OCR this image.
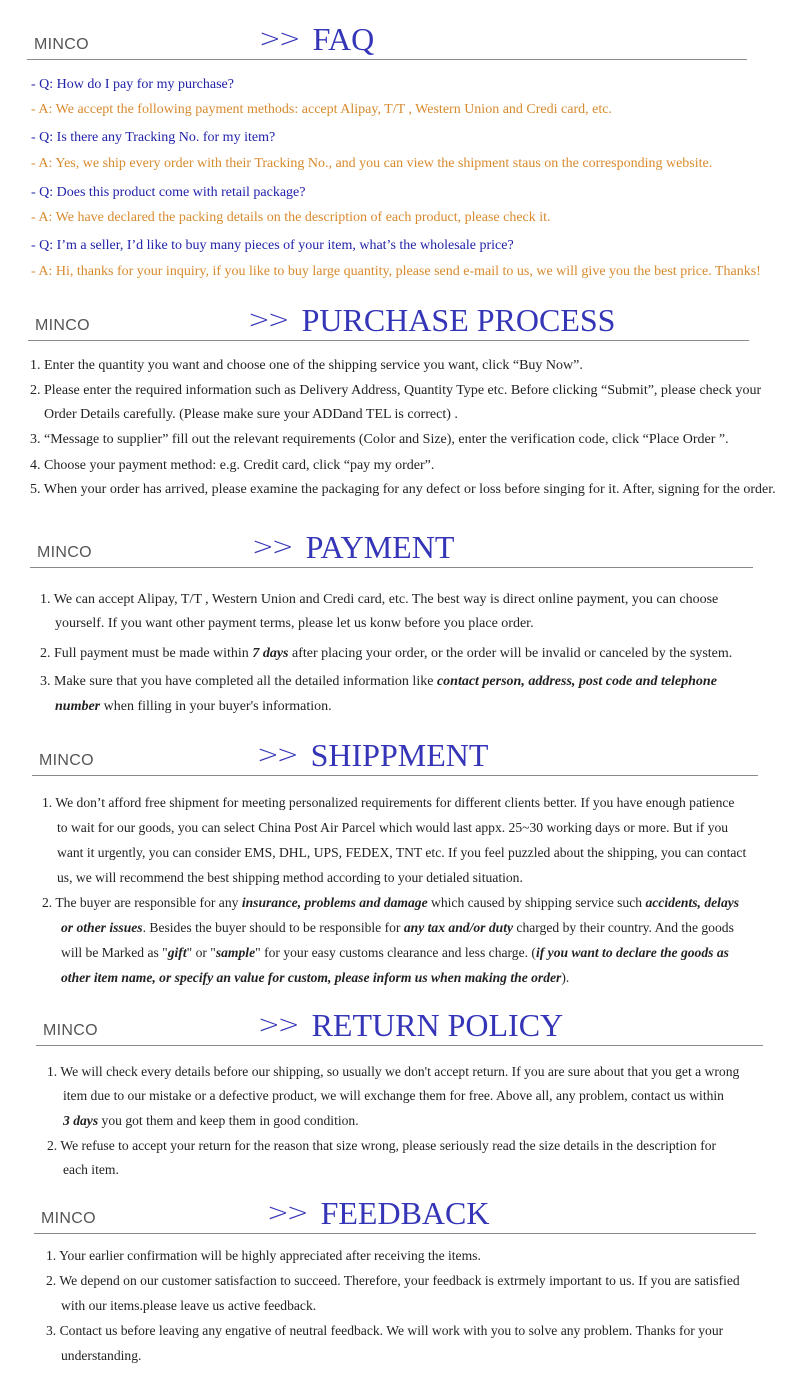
MINCO	>> FAQ
- Q: How do I pay for my purchase?
- A: We accept the following payment methods: accept Alipay, T/T , Western Union and Credi card, etc.
- Q: Is there any Tracking No. for my item?
- A: Yes, we ship every order with their Tracking No., and you can view the shipment staus on the corresponding website.
- Q: Does this product come with retail package?
- A: We have declared the packing details on the description of each product, please check it.
- Q: I’m a seller, I’d like to buy many pieces of your item, what’s the wholesale price?
- A: Hi, thanks for your inquiry, if you like to buy large quantity, please send e-mail to us, we will give you the best price. Thanks!
MINCO	>> PURCHASE PROCESS
1. Enter the quantity you want and choose one of the shipping service you want, click “Buy Now”.
2. Please enter the required information such as Delivery Address, Quantity Type etc. Before clicking “Submit”, please check your
Order Details carefully. (Please make sure your ADDand TEL is correct) .
3. “Message to supplier” fill out the relevant requirements (Color and Size), enter the verification code, click “Place Order ”.
4. Choose your payment method: e.g. Credit card, click “pay my order”.
5. When your order has arrived, please examine the packaging for any defect or loss before singing for it. After, signing for the order.
MINCO	>> PAYMENT
1. We can accept Alipay, T/T , Western Union and Credi card, etc. The best way is direct online payment, you can choose
yourself. If you want other payment terms, please let us konw before you place order.
2. Full payment must be made within 7 days after placing your order, or the order will be invalid or canceled by the system.
3. Make sure that you have completed all the detailed information like contact person, address, post code and telephone
number when filling in your buyer's information.
MINCO	>> SHIPPMENT
1. We don’t afford free shipment for meeting personalized requirements for different clients better. If you have enough patience
to wait for our goods, you can select China Post Air Parcel which would last appx. 25~30 working days or more. But if you
want it urgently, you can consider EMS, DHL, UPS, FEDEX, TNT etc. If you feel puzzled about the shipping, you can contact
us, we will recommend the best shipping method according to your detialed situation.
2. The buyer are responsible for any insurance, problems and damage which caused by shipping service such accidents, delays
or other issues. Besides the buyer should to be responsible for any tax and/or duty charged by their country. And the goods
will be Marked as "gift" or "sample" for your easy customs clearance and less charge. (if you want to declare the goods as
other item name, or specify an value for custom, please inform us when making the order).
MINCO	>> RETURN POLICY
1. We will check every details before our shipping, so usually we don't accept return. If you are sure about that you get a wrong
item due to our mistake or a defective product, we will exchange them for free. Above all, any problem, contact us within
3 days you got them and keep them in good condition.
2. We refuse to accept your return for the reason that size wrong, please seriously read the size details in the description for
each item.
MINCO	>> FEEDBACK
1. Your earlier confirmation will be highly appreciated after receiving the items.
2. We depend on our customer satisfaction to succeed. Therefore, your feedback is extrmely important to us. If you are satisfied
with our items.please leave us active feedback.
3. Contact us before leaving any engative of neutral feedback. We will work with you to solve any problem. Thanks for your
understanding.
